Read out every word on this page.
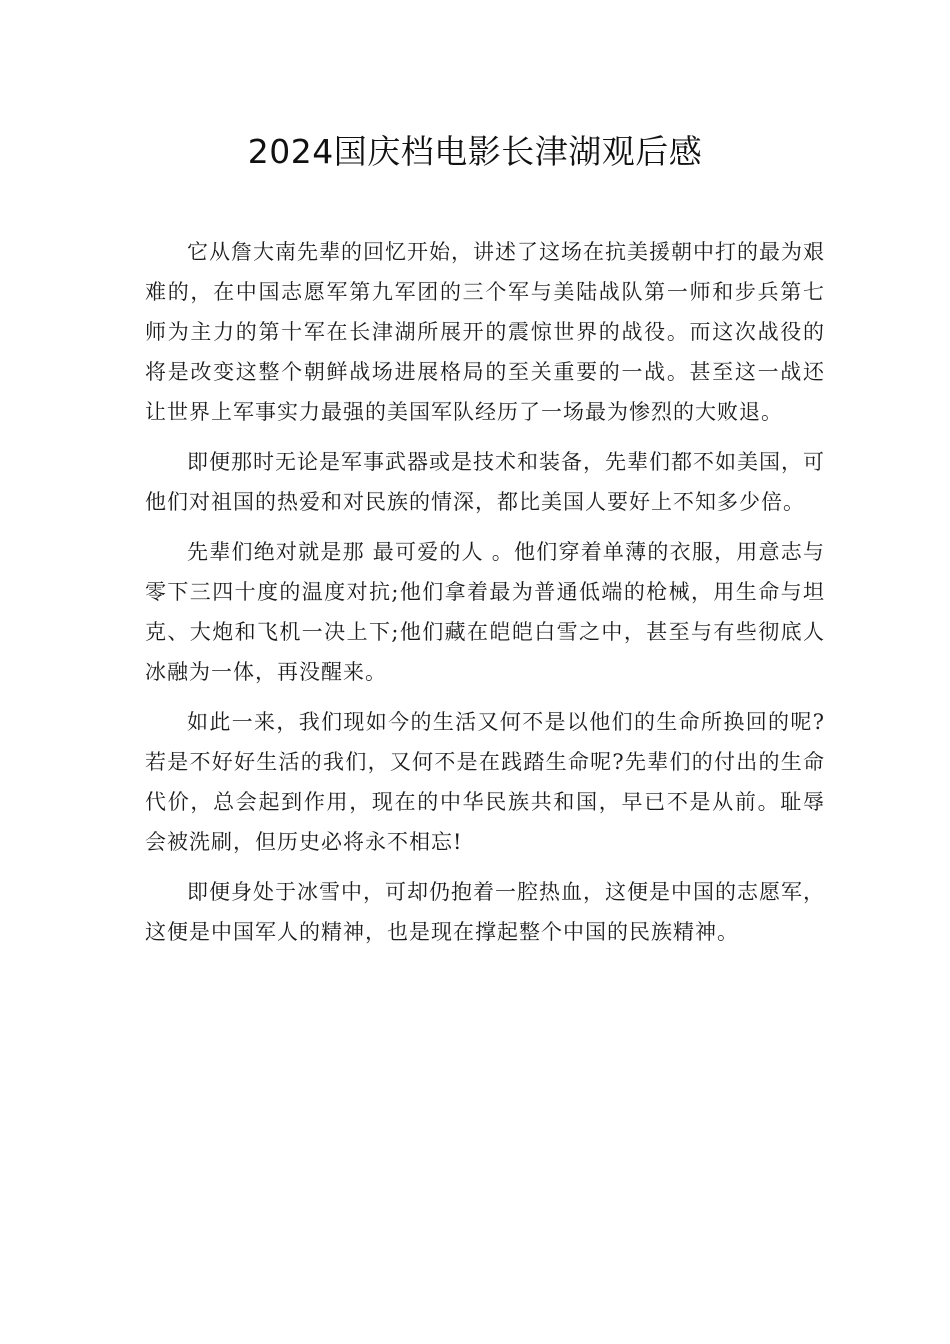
2024国庆档电影长津湖观后感

它从詹大南先辈的回忆开始，讲述了这场在抗美援朝中打的最为艰难的，在中国志愿军第九军团的三个军与美陆战队第一师和步兵第七师为主力的第十军在长津湖所展开的震惊世界的战役。而这次战役的将是改变这整个朝鲜战场进展格局的至关重要的一战。甚至这一战还让世界上军事实力最强的美国军队经历了一场最为惨烈的大败退。

即便那时无论是军事武器或是技术和装备，先辈们都不如美国，可他们对祖国的热爱和对民族的情深，都比美国人要好上不知多少倍。

先辈们绝对就是那 最可爱的人 。他们穿着单薄的衣服，用意志与零下三四十度的温度对抗;他们拿着最为普通低端的枪械，用生命与坦克、大炮和飞机一决上下;他们藏在皑皑白雪之中，甚至与有些彻底人冰融为一体，再没醒来。

如此一来，我们现如今的生活又何不是以他们的生命所换回的呢?若是不好好生活的我们，又何不是在践踏生命呢?先辈们的付出的生命代价，总会起到作用，现在的中华民族共和国，早已不是从前。耻辱会被洗刷，但历史必将永不相忘!

即便身处于冰雪中，可却仍抱着一腔热血，这便是中国的志愿军，这便是中国军人的精神，也是现在撑起整个中国的民族精神。
